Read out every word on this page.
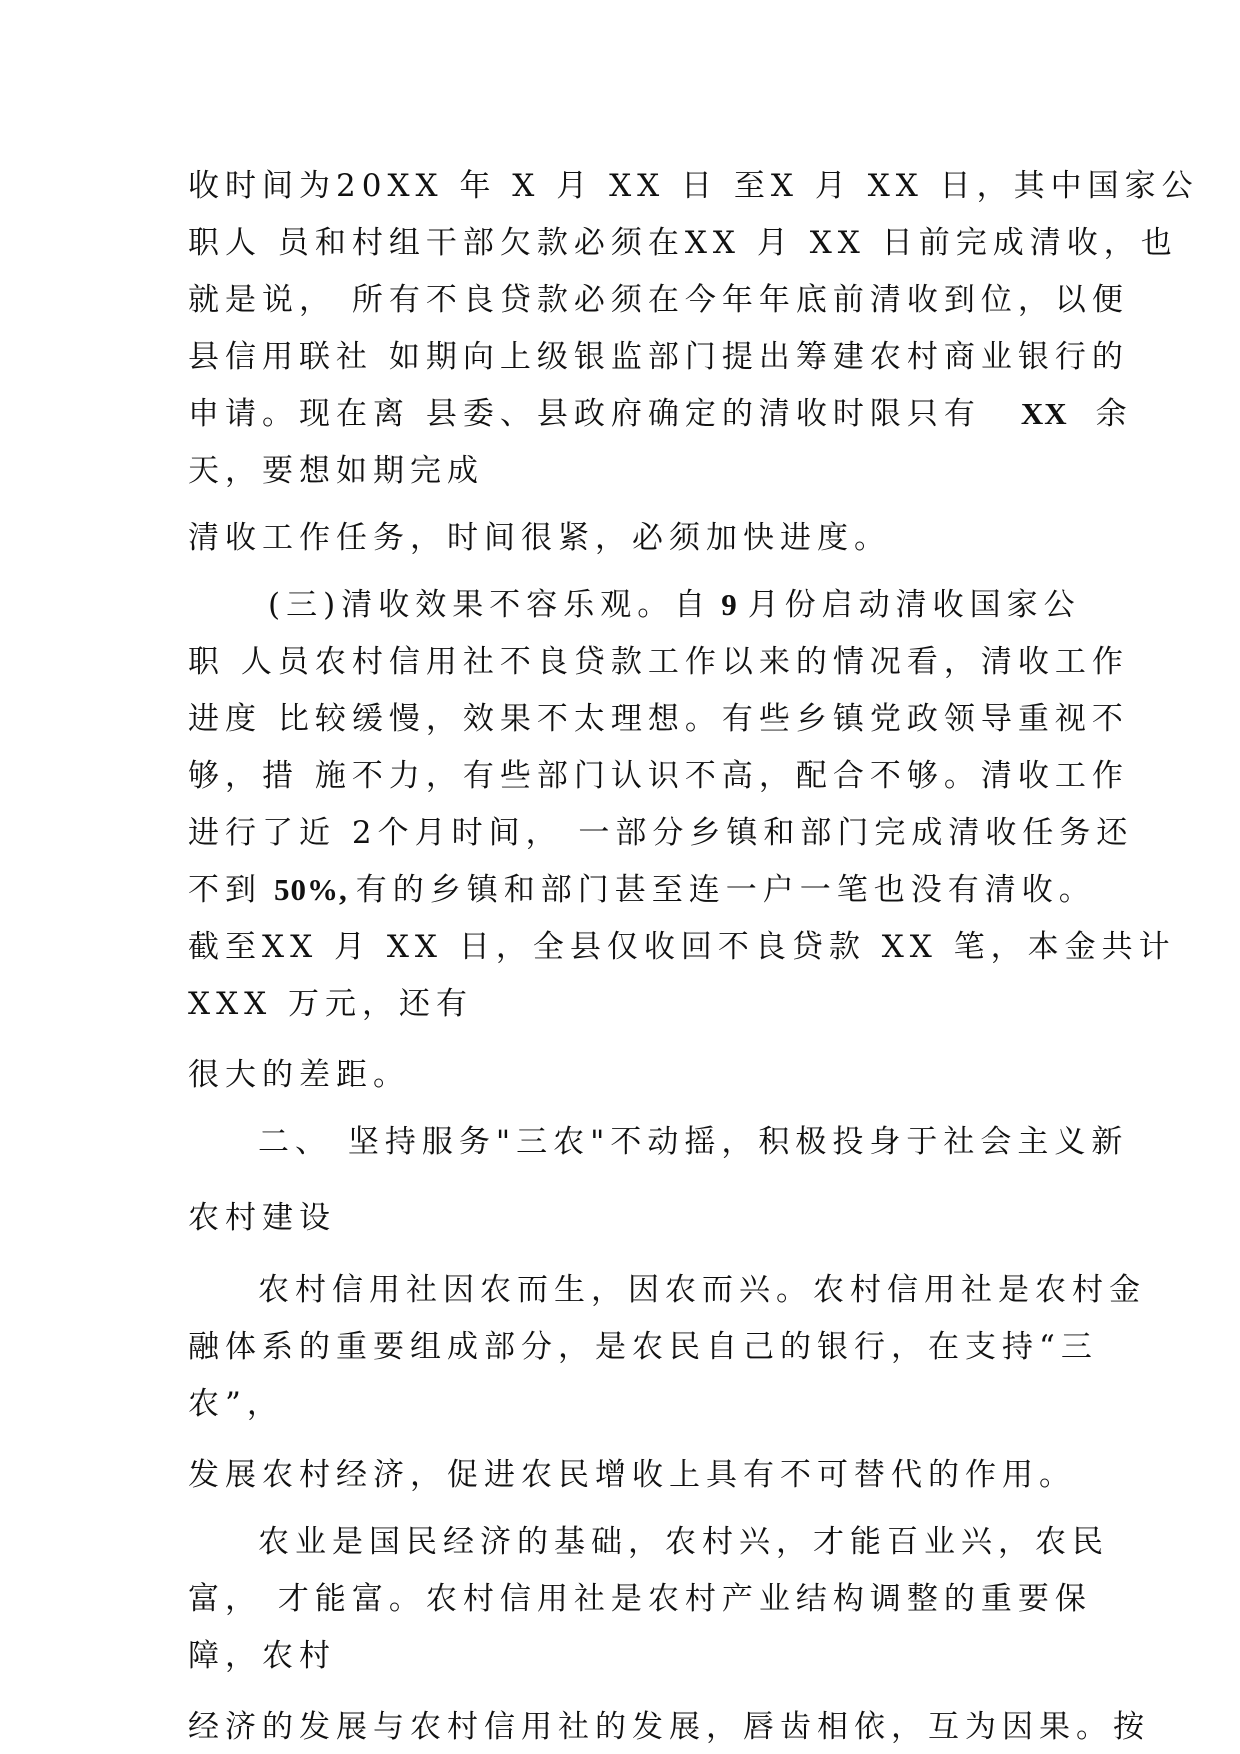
收时间为20XX 年 X 月 XX 日 至X 月 XX 日，其中国家公

职人 员和村组干部欠款必须在XX 月 XX 日前完成清收，也

就是说， 所有不良贷款必须在今年年底前清收到位，以便

县信用联社 如期向上级银监部门提出筹建农村商业银行的

申请。现在离 县委、县政府确定的清收时限只有 XX 余

天，要想如期完成

清收工作任务，时间很紧，必须加快进度。

(三)清收效果不容乐观。自 9 月份启动清收国家公

职 人员农村信用社不良贷款工作以来的情况看，清收工作

进度 比较缓慢，效果不太理想。有些乡镇党政领导重视不

够，措 施不力，有些部门认识不高，配合不够。清收工作

进行了近 2个月时间， 一部分乡镇和部门完成清收任务还

不到 50%, 有的乡镇和部门甚至连一户一笔也没有清收。

截至XX 月 XX 日，全县仅收回不良贷款 XX 笔，本金共计

XXX 万元，还有

很大的差距。

二、 坚持服务"三农"不动摇，积极投身于社会主义新

农村建设

农村信用社因农而生，因农而兴。农村信用社是农村金

融体系的重要组成部分，是农民自己的银行，在支持“三

农”，

发展农村经济，促进农民增收上具有不可替代的作用。

农业是国民经济的基础，农村兴，才能百业兴，农民

富， 才能富。农村信用社是农村产业结构调整的重要保

障，农村

经济的发展与农村信用社的发展，唇齿相依，互为因果。按
